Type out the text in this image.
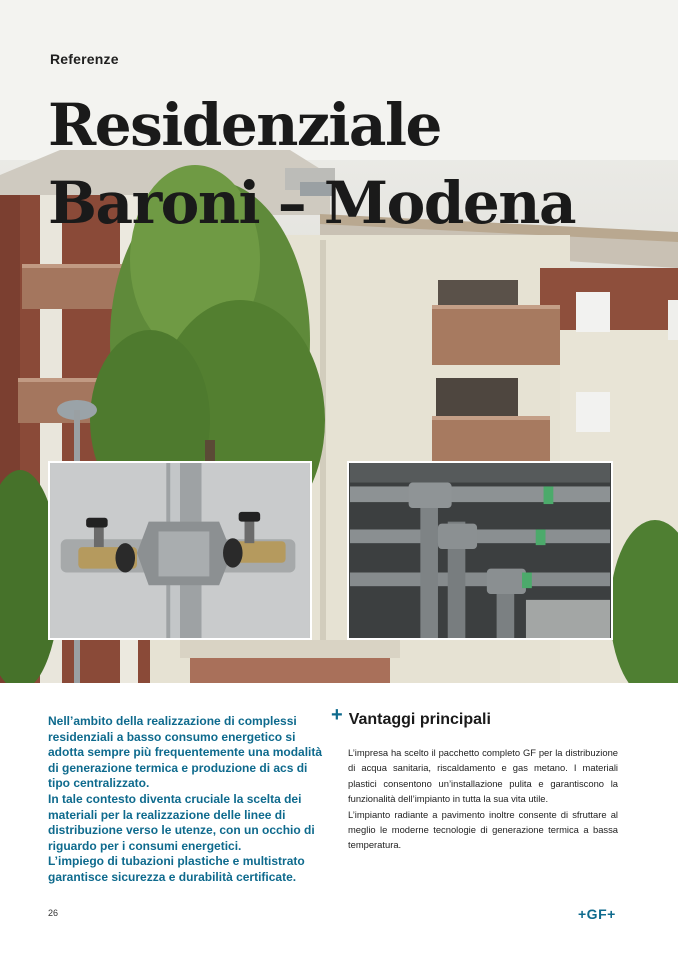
Referenze
Residenziale
Baroni – Modena

Nell’ambito della realizzazione di complessi residenziali a basso consumo energetico si adotta sempre più frequentemente una modalità di generazione termica e produzione di acs di tipo centralizzato.

In tale contesto diventa cruciale la scelta dei materiali per la realizzazione delle linee di distribuzione verso le utenze, con un occhio di riguardo per i consumi energetici.

L’impiego di tubazioni plastiche e multistrato garantisce sicurezza e durabilità certificate.

+ Vantaggi principali

L’impresa ha scelto il pacchetto completo GF per la distribuzione di acqua sanitaria, riscaldamento e gas metano. I materiali plastici consentono un’installazione pulita e garantiscono la funzionalità dell’impianto in tutta la sua vita utile.

L’impianto radiante a pavimento inoltre consente di sfruttare al meglio le moderne tecnologie di generazione termica a bassa temperatura.

26	+GF+
